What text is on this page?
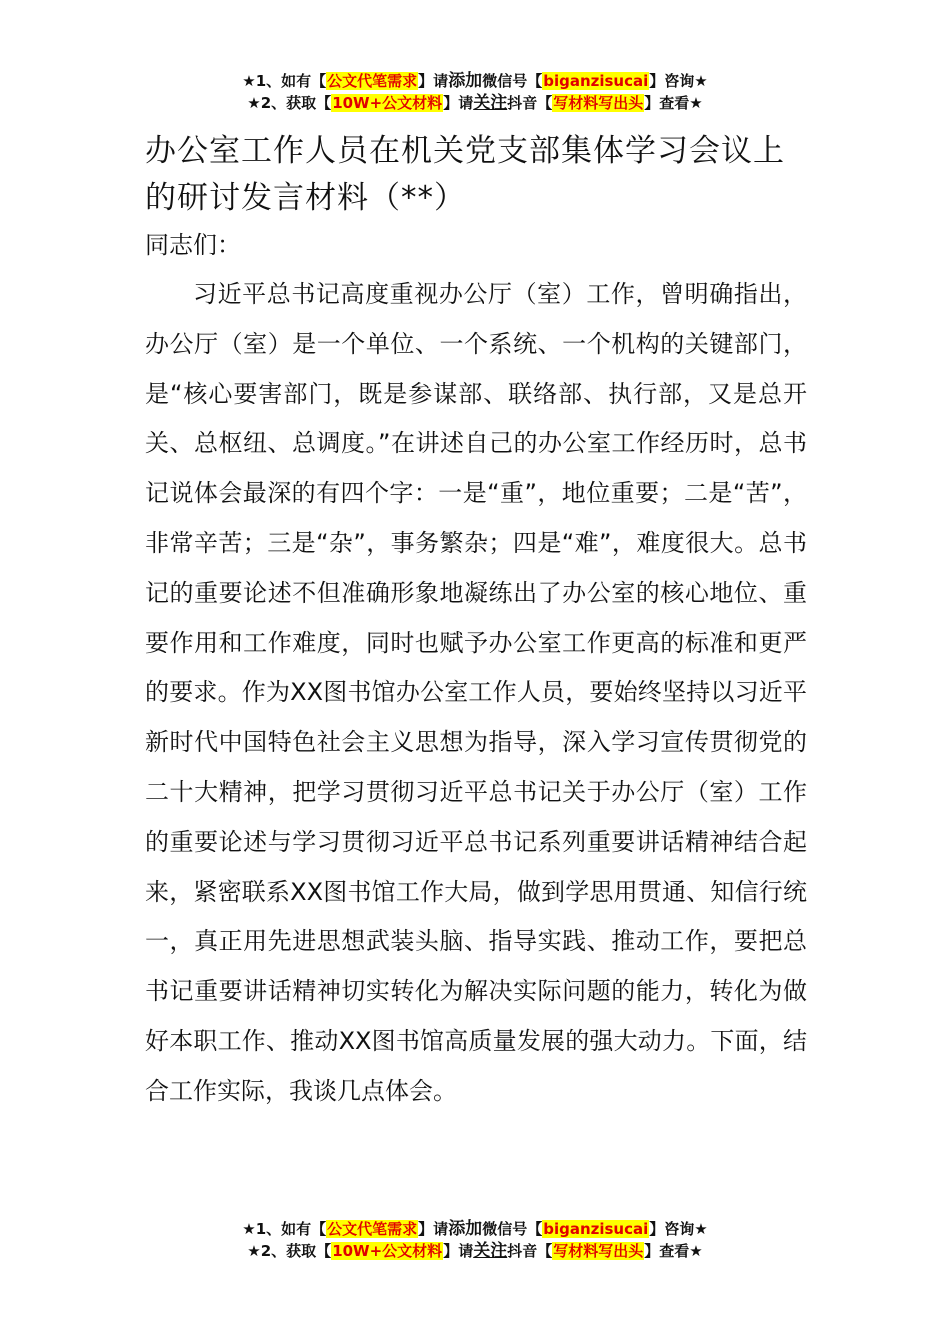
★1、如有【公文代笔需求】请添加微信号【biganzisucai】咨询★
★2、获取【10W+公文材料】请关注抖音【写材料写出头】查看★
办公室工作人员在机关党支部集体学习会议上的研讨发言材料（**）
同志们：
习近平总书记高度重视办公厅（室）工作，曾明确指出，办公厅（室）是一个单位、一个系统、一个机构的关键部门，是“核心要害部门，既是参谋部、联络部、执行部，又是总开关、总枢纽、总调度。”在讲述自己的办公室工作经历时，总书记说体会最深的有四个字：一是“重”，地位重要；二是“苦”，非常辛苦；三是“杂”，事务繁杂；四是“难”，难度很大。总书记的重要论述不但准确形象地凝练出了办公室的核心地位、重要作用和工作难度，同时也赋予办公室工作更高的标准和更严的要求。作为XX图书馆办公室工作人员，要始终坚持以习近平新时代中国特色社会主义思想为指导，深入学习宣传贯彻党的二十大精神，把学习贯彻习近平总书记关于办公厅（室）工作的重要论述与学习贯彻习近平总书记系列重要讲话精神结合起来，紧密联系XX图书馆工作大局，做到学思用贯通、知信行统一，真正用先进思想武装头脑、指导实践、推动工作，要把总书记重要讲话精神切实转化为解决实际问题的能力，转化为做好本职工作、推动XX图书馆高质量发展的强大动力。下面，结合工作实际，我谈几点体会。
★1、如有【公文代笔需求】请添加微信号【biganzisucai】咨询★
★2、获取【10W+公文材料】请关注抖音【写材料写出头】查看★
